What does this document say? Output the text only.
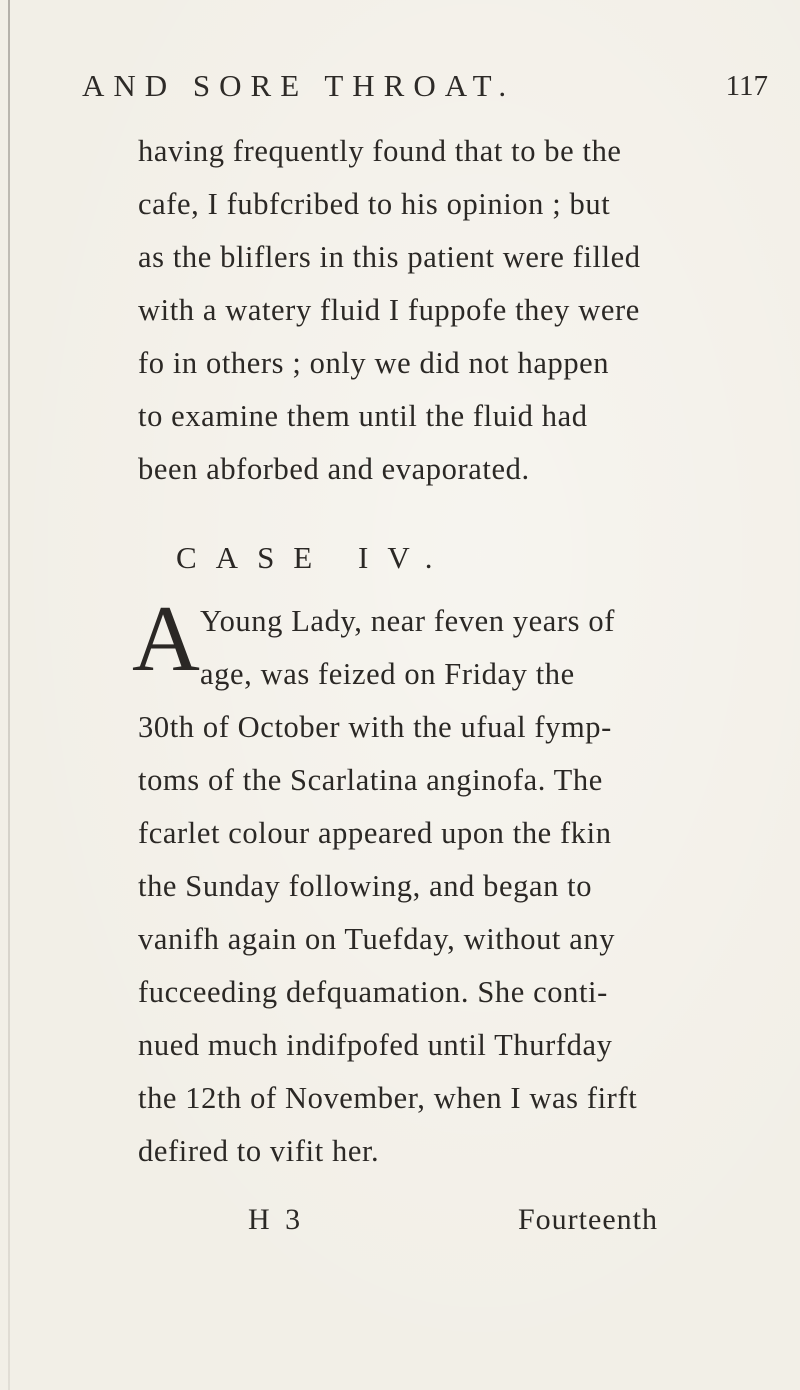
AND SORE THROAT.	117
having frequently found that to be the
cafe, I fubfcribed to his opinion ; but
as the bliflers in this patient were filled
with a watery fluid I fuppofe they were
fo in others ; only we did not happen
to examine them until the fluid had
been abforbed and evaporated.
CASE IV.
A Young Lady, near feven years of
age, was feized on Friday the
30th of October with the ufual fymp-
toms of the Scarlatina anginofa. The
fcarlet colour appeared upon the fkin
the Sunday following, and began to
vanifh again on Tuefday, without any
fucceeding defquamation. She conti-
nued much indifpofed until Thurfday
the 12th of November, when I was firft
defired to vifit her.
H 3	Fourteenth
